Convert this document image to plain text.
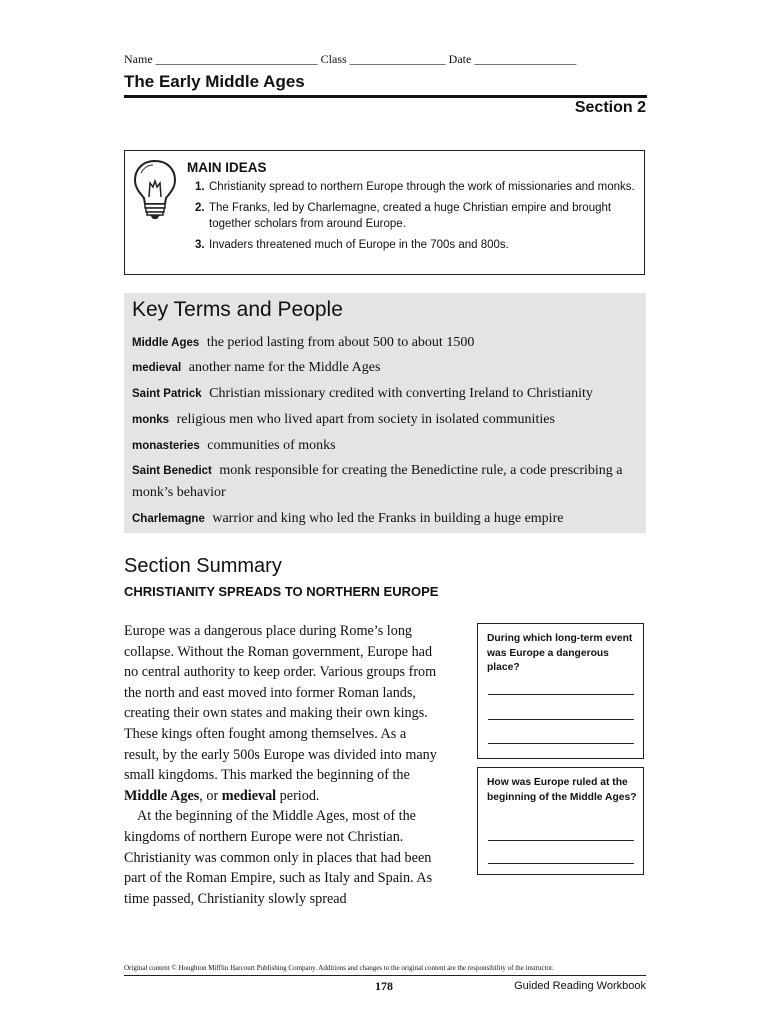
Name ___________________________ Class ________________ Date _________________
The Early Middle Ages
Section 2
MAIN IDEAS
1. Christianity spread to northern Europe through the work of missionaries and monks.
2. The Franks, led by Charlemagne, created a huge Christian empire and brought together scholars from around Europe.
3. Invaders threatened much of Europe in the 700s and 800s.
Key Terms and People
Middle Ages the period lasting from about 500 to about 1500
medieval another name for the Middle Ages
Saint Patrick Christian missionary credited with converting Ireland to Christianity
monks religious men who lived apart from society in isolated communities
monasteries communities of monks
Saint Benedict monk responsible for creating the Benedictine rule, a code prescribing a monk’s behavior
Charlemagne warrior and king who led the Franks in building a huge empire
Section Summary
CHRISTIANITY SPREADS TO NORTHERN EUROPE

Europe was a dangerous place during Rome’s long collapse. Without the Roman government, Europe had no central authority to keep order. Various groups from the north and east moved into former Roman lands, creating their own states and making their own kings. These kings often fought among themselves. As a result, by the early 500s Europe was divided into many small kingdoms. This marked the beginning of the Middle Ages, or medieval period.

At the beginning of the Middle Ages, most of the kingdoms of northern Europe were not Christian. Christianity was common only in places that had been part of the Roman Empire, such as Italy and Spain. As time passed, Christianity slowly spread

During which long-term event was Europe a dangerous place?
How was Europe ruled at the beginning of the Middle Ages?
Original content © Houghton Mifflin Harcourt Publishing Company. Additions and changes to the original content are the responsibility of the instructor.
178	Guided Reading Workbook
